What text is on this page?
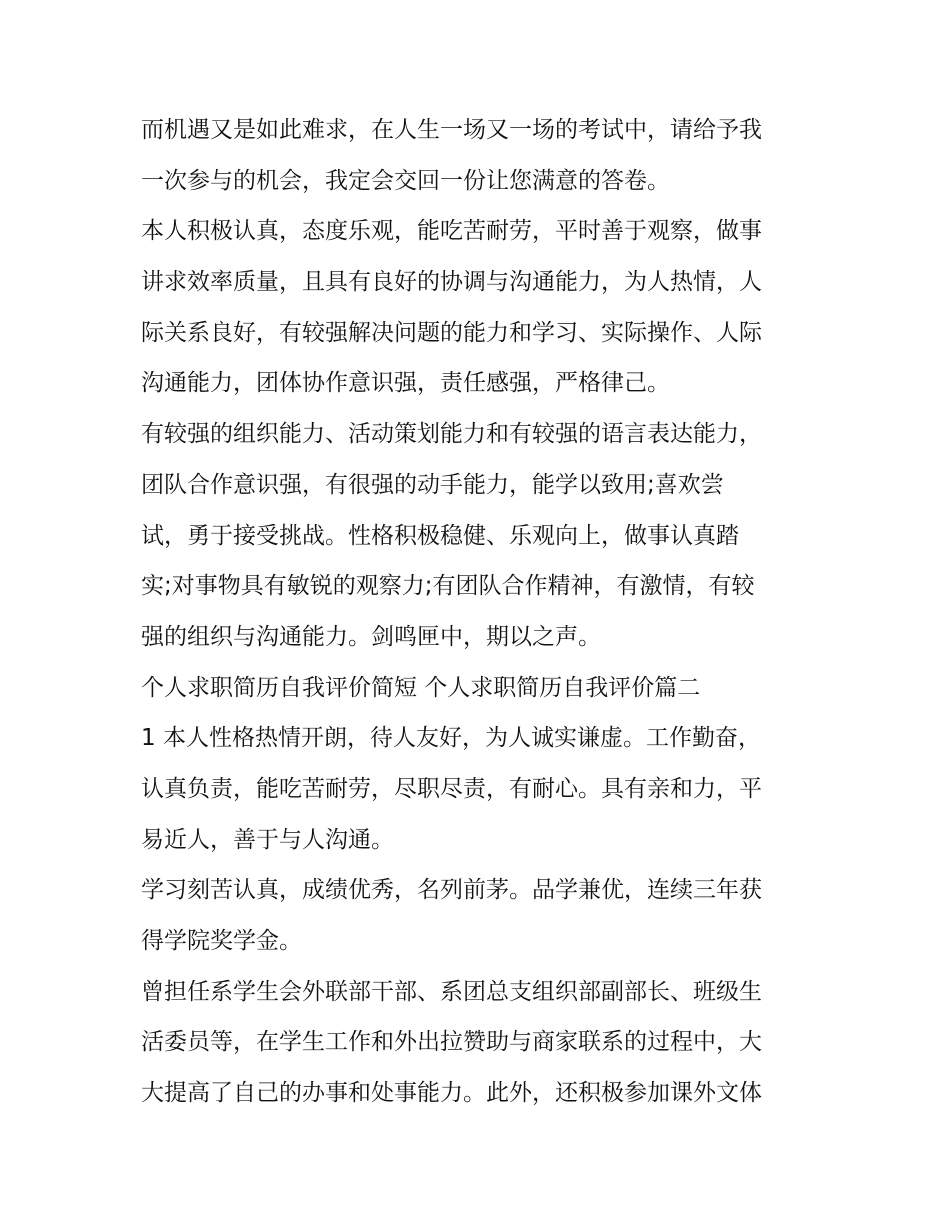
而机遇又是如此难求，在人生一场又一场的考试中，请给予我
一次参与的机会，我定会交回一份让您满意的答卷。
本人积极认真，态度乐观，能吃苦耐劳，平时善于观察，做事
讲求效率质量，且具有良好的协调与沟通能力，为人热情，人
际关系良好，有较强解决问题的能力和学习、实际操作、人际
沟通能力，团体协作意识强，责任感强，严格律己。
有较强的组织能力、活动策划能力和有较强的语言表达能力，
团队合作意识强，有很强的动手能力，能学以致用;喜欢尝
试，勇于接受挑战。性格积极稳健、乐观向上，做事认真踏
实;对事物具有敏锐的观察力;有团队合作精神，有激情，有较
强的组织与沟通能力。剑鸣匣中，期以之声。
个人求职简历自我评价简短 个人求职简历自我评价篇二
1 本人性格热情开朗，待人友好，为人诚实谦虚。工作勤奋，
认真负责，能吃苦耐劳，尽职尽责，有耐心。具有亲和力，平
易近人，善于与人沟通。
学习刻苦认真，成绩优秀，名列前茅。品学兼优，连续三年获
得学院奖学金。
曾担任系学生会外联部干部、系团总支组织部副部长、班级生
活委员等，在学生工作和外出拉赞助与商家联系的过程中，大
大提高了自己的办事和处事能力。此外，还积极参加课外文体
